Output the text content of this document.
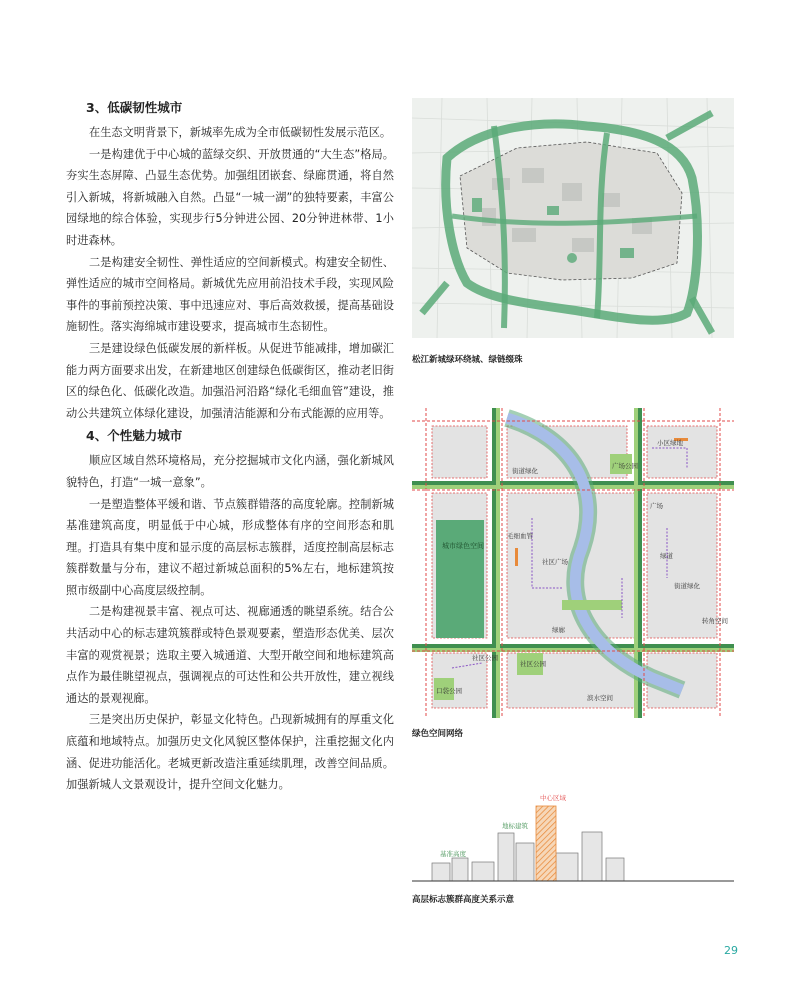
3、低碳韧性城市

在生态文明背景下，新城率先成为全市低碳韧性发展示范区。

一是构建优于中心城的蓝绿交织、开放贯通的“大生态”格局。夯实生态屏障、凸显生态优势。加强组团嵌套、绿廊贯通，将自然引入新城，将新城融入自然。凸显“一城一湖”的独特要素，丰富公园绿地的综合体验，实现步行5分钟进公园、20分钟进林带、1小时进森林。

二是构建安全韧性、弹性适应的空间新模式。构建安全韧性、弹性适应的城市空间格局。新城优先应用前沿技术手段，实现风险事件的事前预控决策、事中迅速应对、事后高效救援，提高基础设施韧性。落实海绵城市建设要求，提高城市生态韧性。

三是建设绿色低碳发展的新样板。从促进节能减排，增加碳汇能力两方面要求出发，在新建地区创建绿色低碳街区，推动老旧街区的绿色化、低碳化改造。加强沿河沿路“绿化毛细血管”建设，推动公共建筑立体绿化建设，加强清洁能源和分布式能源的应用等。

4、个性魅力城市

顺应区域自然环境格局，充分挖掘城市文化内涵，强化新城风貌特色，打造“一城一意象”。

一是塑造整体平缓和谐、节点簇群错落的高度轮廓。控制新城基准建筑高度，明显低于中心城，形成整体有序的空间形态和肌理。打造具有集中度和显示度的高层标志簇群，适度控制高层标志簇群数量与分布，建议不超过新城总面积的5%左右，地标建筑按照市级副中心高度层级控制。

二是构建视景丰富、视点可达、视廊通透的眺望系统。结合公共活动中心的标志建筑簇群或特色景观要素，塑造形态优美、层次丰富的观赏视景；选取主要入城通道、大型开敞空间和地标建筑高点作为最佳眺望视点，强调视点的可达性和公共开放性，建立视线通达的景观视廊。

三是突出历史保护，彰显文化特色。凸现新城拥有的厚重文化底蕴和地域特点。加强历史文化风貌区整体保护，注重挖掘文化内涵、促进功能活化。老城更新改造注重延续肌理，改善空间品质。加强新城人文景观设计，提升空间文化魅力。

松江新城绿环绕城、绿链缀珠
街道绿化
广场公园
小区绿地
城市绿色空间
毛细血管
社区广场
广场
绿道
街道绿化
绿廊
社区公园
社区公园
口袋公园
滨水空间
转角空间
绿色空间网络
基准高度
地标建筑
中心区域
高层标志簇群高度关系示意
29
